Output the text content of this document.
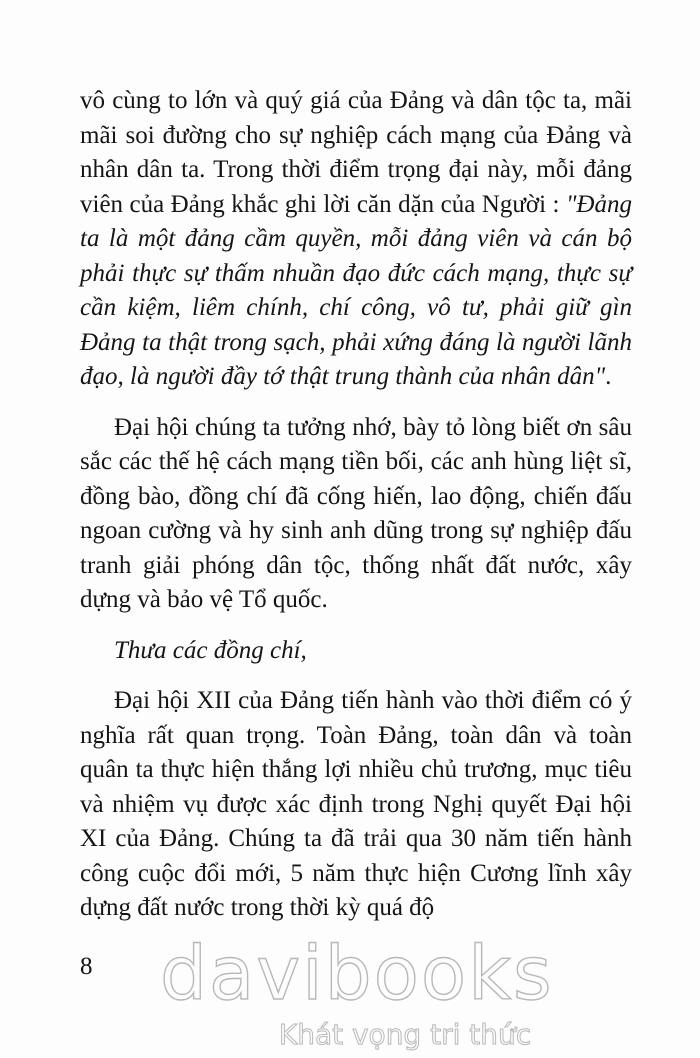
vô cùng to lớn và quý giá của Đảng và dân tộc ta, mãi mãi soi đường cho sự nghiệp cách mạng của Đảng và nhân dân ta. Trong thời điểm trọng đại này, mỗi đảng viên của Đảng khắc ghi lời căn dặn của Người : "Đảng ta là một đảng cầm quyền, mỗi đảng viên và cán bộ phải thực sự thấm nhuần đạo đức cách mạng, thực sự cần kiệm, liêm chính, chí công, vô tư, phải giữ gìn Đảng ta thật trong sạch, phải xứng đáng là người lãnh đạo, là người đầy tớ thật trung thành của nhân dân".

Đại hội chúng ta tưởng nhớ, bày tỏ lòng biết ơn sâu sắc các thế hệ cách mạng tiền bối, các anh hùng liệt sĩ, đồng bào, đồng chí đã cống hiến, lao động, chiến đấu ngoan cường và hy sinh anh dũng trong sự nghiệp đấu tranh giải phóng dân tộc, thống nhất đất nước, xây dựng và bảo vệ Tổ quốc.

Thưa các đồng chí,

Đại hội XII của Đảng tiến hành vào thời điểm có ý nghĩa rất quan trọng. Toàn Đảng, toàn dân và toàn quân ta thực hiện thắng lợi nhiều chủ trương, mục tiêu và nhiệm vụ được xác định trong Nghị quyết Đại hội XI của Đảng. Chúng ta đã trải qua 30 năm tiến hành công cuộc đổi mới, 5 năm thực hiện Cương lĩnh xây dựng đất nước trong thời kỳ quá độ

8 davibooks
Khát vọng tri thức
